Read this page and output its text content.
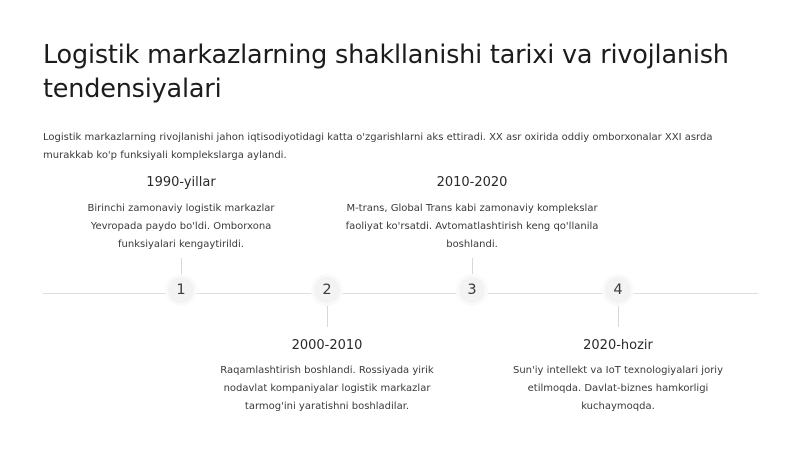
Logistik markazlarning shakllanishi tarixi va rivojlanish tendensiyalari

Logistik markazlarning rivojlanishi jahon iqtisodiyotidagi katta o'zgarishlarni aks ettiradi. XX asr oxirida oddiy omborxonalar XXI asrda murakkab ko'p funksiyali komplekslarga aylandi.

1
1990-yillar
Birinchi zamonaviy logistik markazlar Yevropada paydo bo'ldi. Omborxona funksiyalari kengaytirildi.
2
2000-2010
Raqamlashtirish boshlandi. Rossiyada yirik nodavlat kompaniyalar logistik markazlar tarmog'ini yaratishni boshladilar.
3
2010-2020
M-trans, Global Trans kabi zamonaviy komplekslar faoliyat ko'rsatdi. Avtomatlashtirish keng qo'llanila boshlandi.
4
2020-hozir
Sun'iy intellekt va IoT texnologiyalari joriy etilmoqda. Davlat-biznes hamkorligi kuchaymoqda.
